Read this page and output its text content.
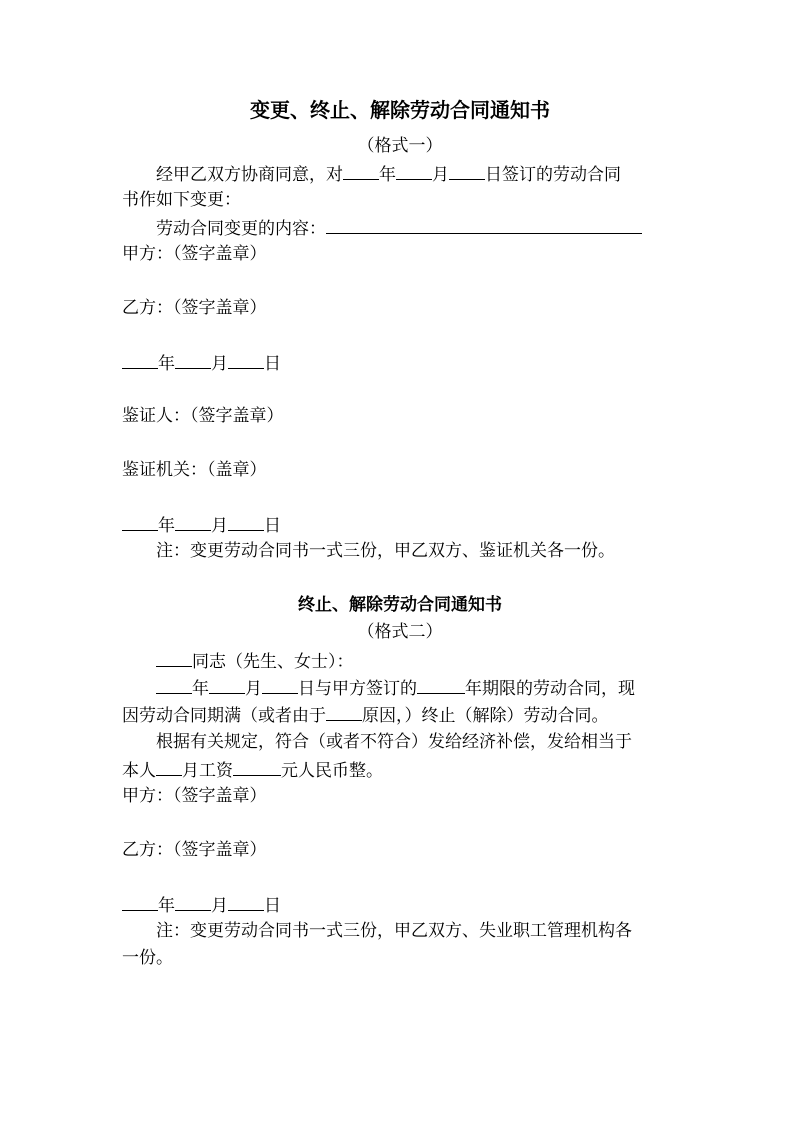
变更、终止、解除劳动合同通知书
（格式一）
经甲乙双方协商同意，对 年 月 日签订的劳动合同
书作如下变更：
劳动合同变更的内容：
甲方：（签字盖章）
乙方：（签字盖章）
年 月 日
鉴证人：（签字盖章）
鉴证机关：（盖章）
年 月 日
注：变更劳动合同书一式三份，甲乙双方、鉴证机关各一份。
终止、解除劳动合同通知书
（格式二）
同志（先生、女士）：
年 月 日与甲方签订的	年期限的劳动合同，现
因劳动合同期满（或者由于 原因，）终止（解除）劳动合同。
根据有关规定，符合（或者不符合）发给经济补偿，发给相当于
本人 月工资	元人民币整。
甲方：（签字盖章）
乙方：（签字盖章）
年 月 日
注：变更劳动合同书一式三份，甲乙双方、失业职工管理机构各
一份。
